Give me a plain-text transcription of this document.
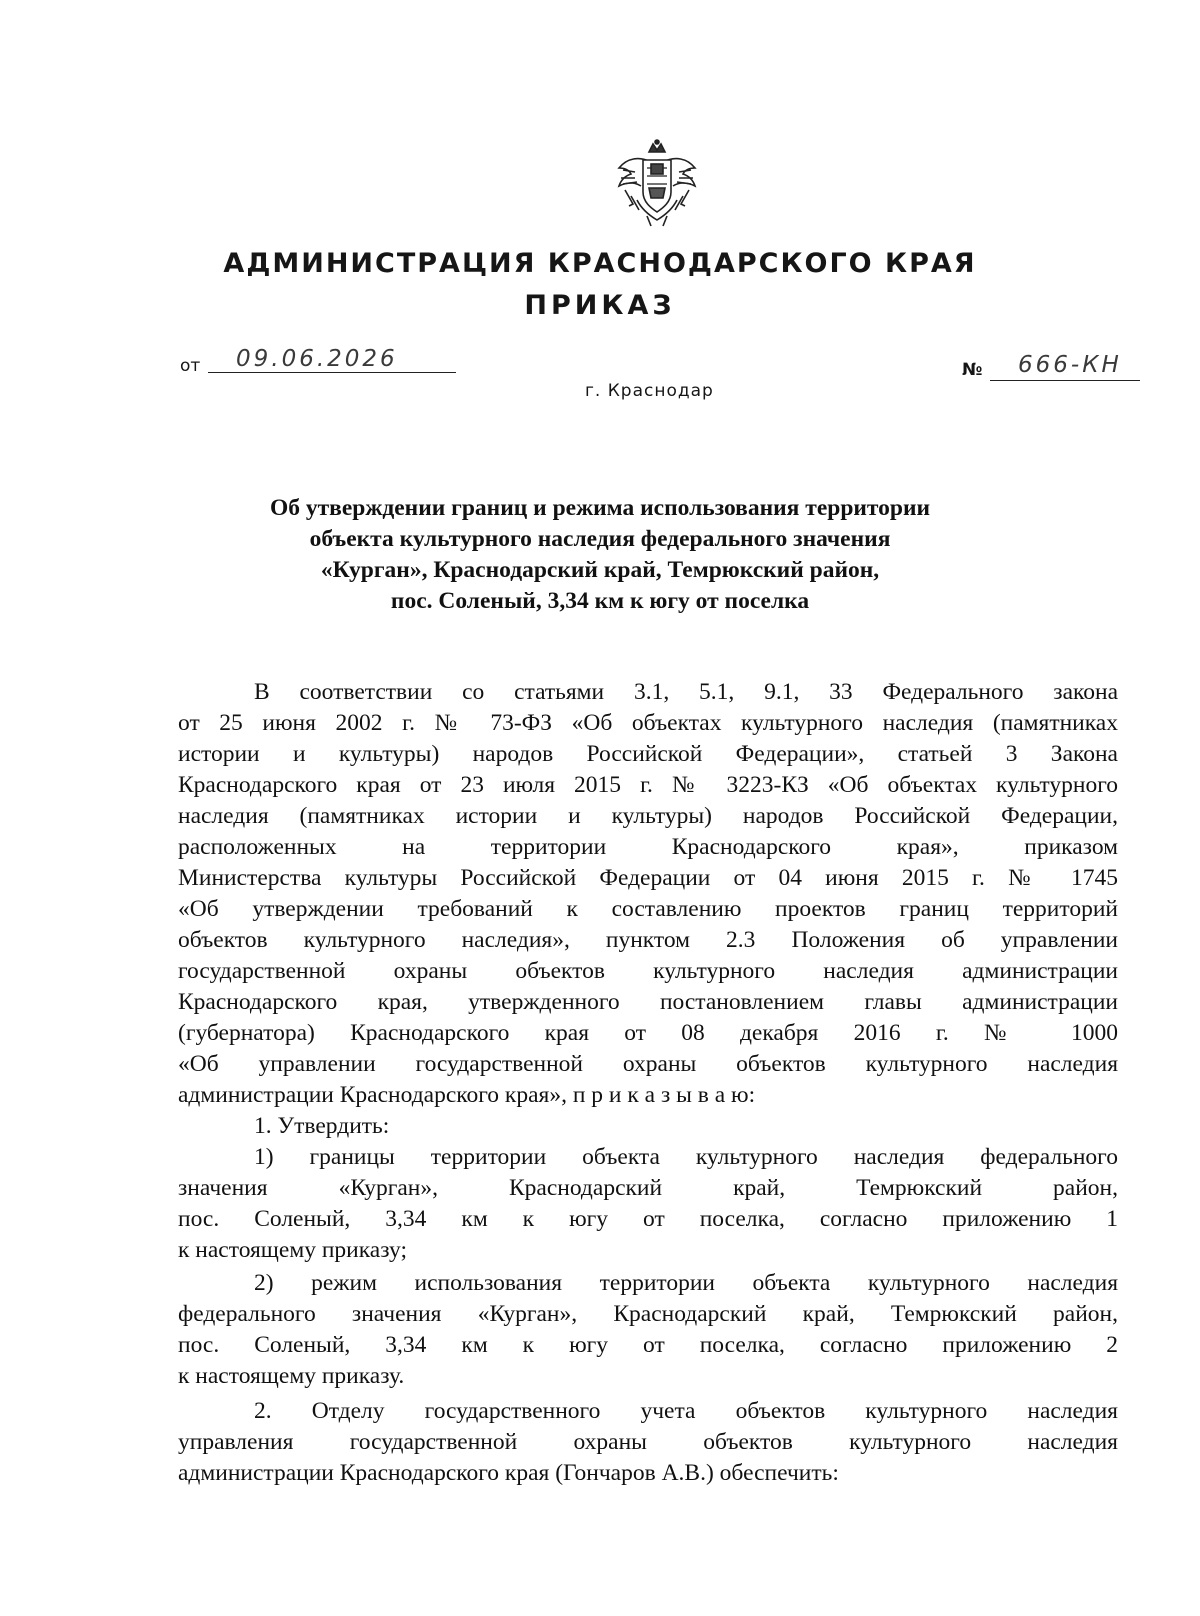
АДМИНИСТРАЦИЯ КРАСНОДАРСКОГО КРАЯ
ПРИКАЗ
от 09.06.2026	№ 666-КН
г. Краснодар
Об утверждении границ и режима использования территории
объекта культурного наследия федерального значения
«Курган», Краснодарский край, Темрюкский район,
пос. Соленый, 3,34 км к югу от поселка
В соответствии со статьями 3.1, 5.1, 9.1, 33 Федерального закона
от 25 июня 2002 г. № 73-ФЗ «Об объектах культурного наследия (памятниках
истории и культуры) народов Российской Федерации», статьей 3 Закона
Краснодарского края от 23 июля 2015 г. № 3223-КЗ «Об объектах культурного
наследия (памятниках истории и культуры) народов Российской Федерации,
расположенных на территории Краснодарского края», приказом
Министерства культуры Российской Федерации от 04 июня 2015 г. № 1745
«Об утверждении требований к составлению проектов границ территорий
объектов культурного наследия», пунктом 2.3 Положения об управлении
государственной охраны объектов культурного наследия администрации
Краснодарского края, утвержденного постановлением главы администрации
(губернатора) Краснодарского края от 08 декабря 2016 г. № 1000
«Об управлении государственной охраны объектов культурного наследия
администрации Краснодарского края», п р и к а з ы в а ю:
1. Утвердить:
1) границы территории объекта культурного наследия федерального
значения «Курган», Краснодарский край, Темрюкский район,
пос. Соленый, 3,34 км к югу от поселка, согласно приложению 1
к настоящему приказу;
2) режим использования территории объекта культурного наследия
федерального значения «Курган», Краснодарский край, Темрюкский район,
пос. Соленый, 3,34 км к югу от поселка, согласно приложению 2
к настоящему приказу.
2. Отделу государственного учета объектов культурного наследия
управления государственной охраны объектов культурного наследия
администрации Краснодарского края (Гончаров А.В.) обеспечить:
